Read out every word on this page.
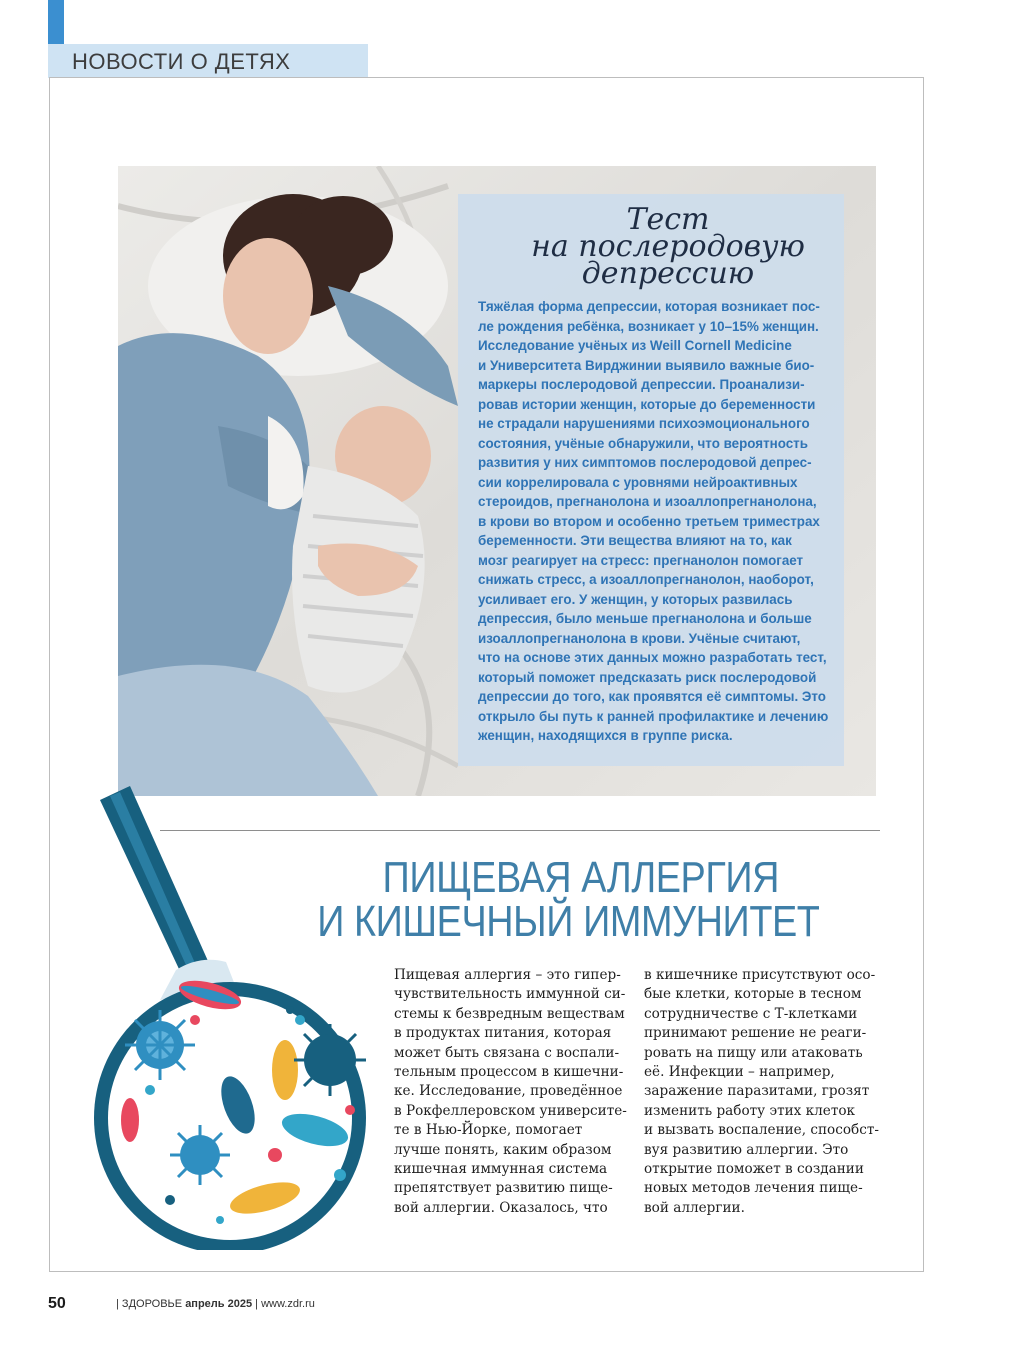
НОВОСТИ О ДЕТЯХ
Тест
на послеродовую
депрессию
Тяжёлая форма депрессии, которая возникает пос-
ле рождения ребёнка, возникает у 10–15% женщин.
Исследование учёных из Weill Cornell Medicine
и Университета Вирджинии выявило важные био-
маркеры послеродовой депрессии. Проанализи-
ровав истории женщин, которые до беременности
не страдали нарушениями психоэмоционального
состояния, учёные обнаружили, что вероятность
развития у них симптомов послеродовой депрес-
сии коррелировала с уровнями нейроактивных
стероидов, прегнанолона и изоаллопрегнанолона,
в крови во втором и особенно третьем триместрах
беременности. Эти вещества влияют на то, как
мозг реагирует на стресс: прегнанолон помогает
снижать стресс, а изоаллопрегнанолон, наоборот,
усиливает его. У женщин, у которых развилась
депрессия, было меньше прегнанолона и больше
изоаллопрегнанолона в крови. Учёные считают,
что на основе этих данных можно разработать тест,
который поможет предсказать риск послеродовой
депрессии до того, как проявятся её симптомы. Это
открыло бы путь к ранней профилактике и лечению
женщин, находящихся в группе риска.
ПИЩЕВАЯ АЛЛЕРГИЯ
И КИШЕЧНЫЙ ИММУНИТЕТ
Пищевая аллергия – это гипер-
чувствительность иммунной си-
стемы к безвредным веществам
в продуктах питания, которая
может быть связана с воспали-
тельным процессом в кишечни-
ке. Исследование, проведённое
в Рокфеллеровском университе-
те в Нью-Йорке, помогает
лучше понять, каким образом
кишечная иммунная система
препятствует развитию пище-
вой аллергии. Оказалось, что
в кишечнике присутствуют осо-
бые клетки, которые в тесном
сотрудничестве с Т-клетками
принимают решение не реаги-
ровать на пищу или атаковать
её. Инфекции – например,
заражение паразитами, грозят
изменить работу этих клеток
и вызвать воспаление, способст-
вуя развитию аллергии. Это
открытие поможет в создании
новых методов лечения пище-
вой аллергии.
50	| ЗДОРОВЬЕ апрель 2025 | www.zdr.ru
